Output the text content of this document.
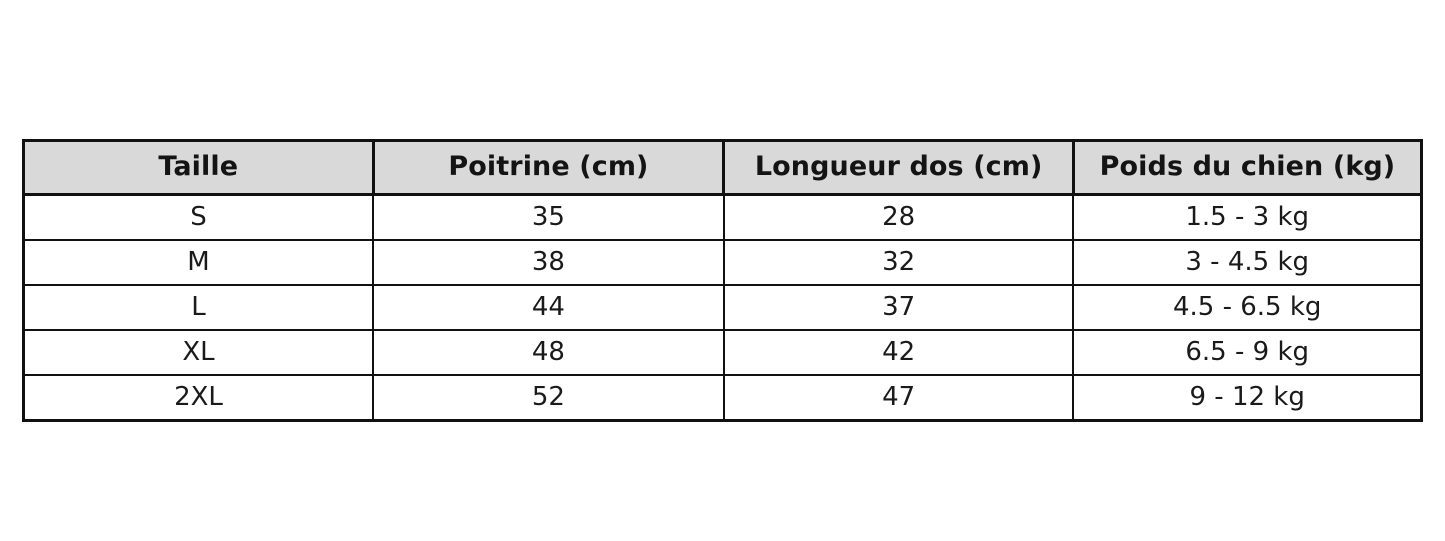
Taille	Poitrine (cm)	Longueur dos (cm)	Poids du chien (kg)
S	35	28	1.5 - 3 kg
M	38	32	3 - 4.5 kg
L	44	37	4.5 - 6.5 kg
XL	48	42	6.5 - 9 kg
2XL	52	47	9 - 12 kg
